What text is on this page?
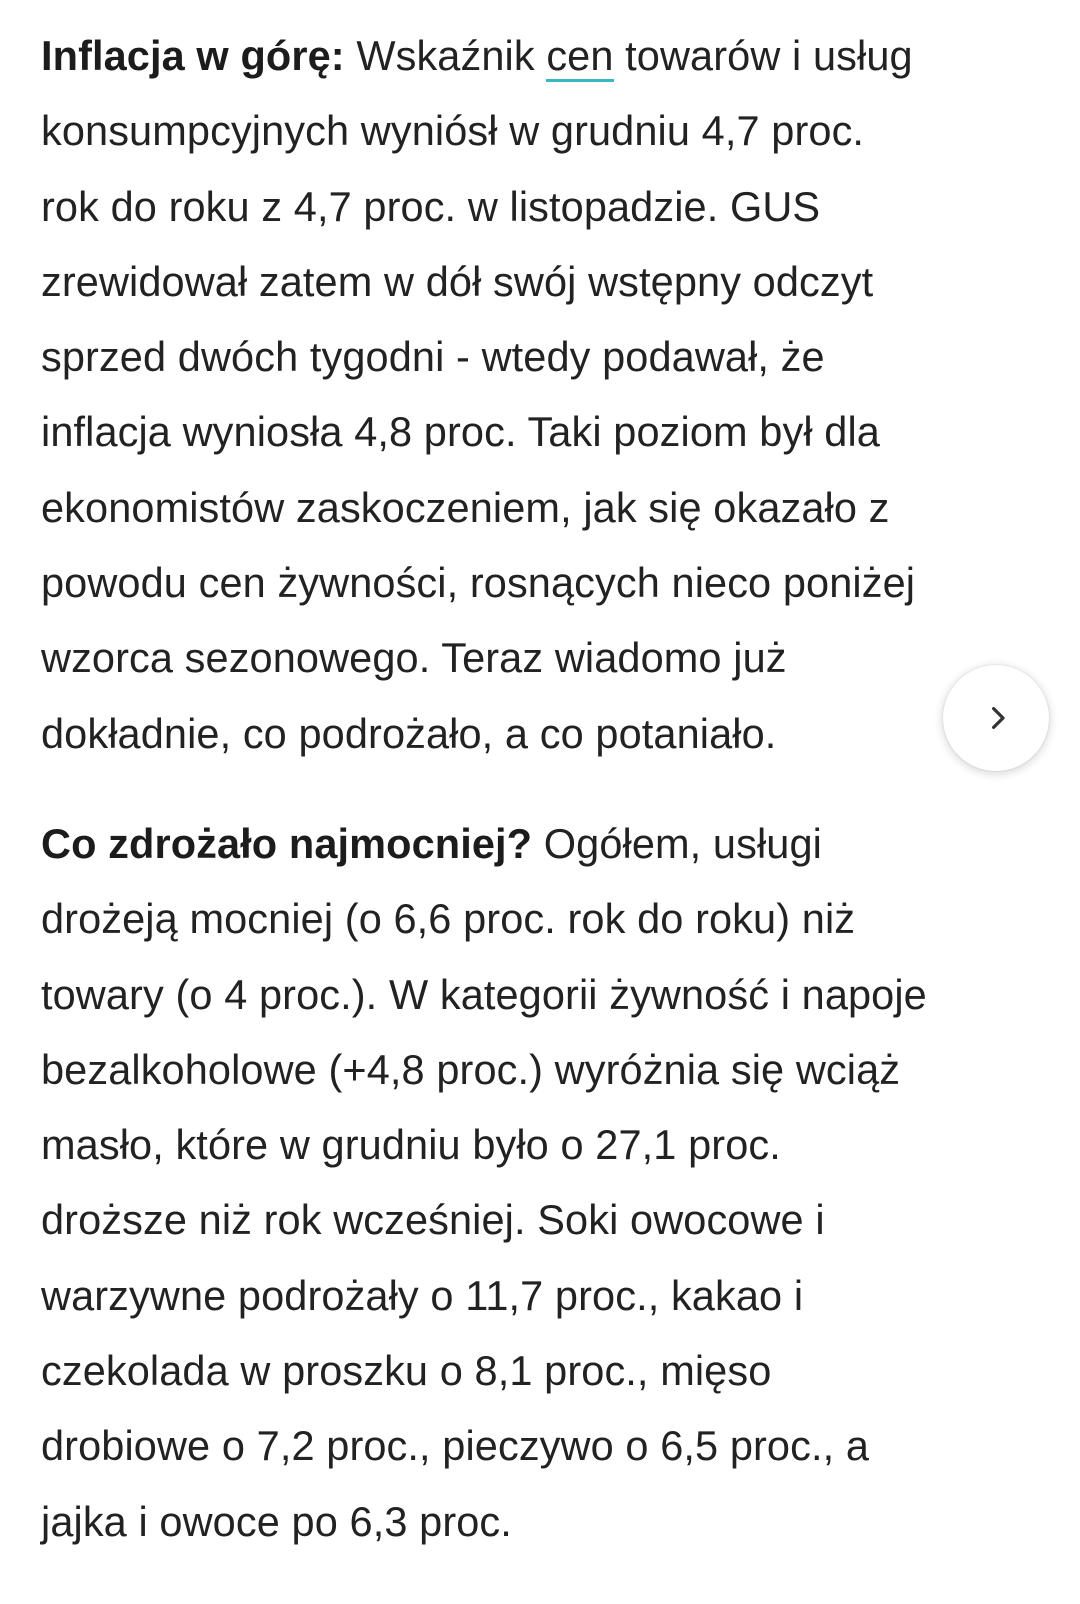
Inflacja w górę: Wskaźnik cen towarów i usług
konsumpcyjnych wyniósł w grudniu 4,7 proc.
rok do roku z 4,7 proc. w listopadzie. GUS
zrewidował zatem w dół swój wstępny odczyt
sprzed dwóch tygodni - wtedy podawał, że
inflacja wyniosła 4,8 proc. Taki poziom był dla
ekonomistów zaskoczeniem, jak się okazało z
powodu cen żywności, rosnących nieco poniżej
wzorca sezonowego. Teraz wiadomo już
dokładnie, co podrożało, a co potaniało.

Co zdrożało najmocniej? Ogółem, usługi
drożeją mocniej (o 6,6 proc. rok do roku) niż
towary (o 4 proc.). W kategorii żywność i napoje
bezalkoholowe (+4,8 proc.) wyróżnia się wciąż
masło, które w grudniu było o 27,1 proc.
droższe niż rok wcześniej. Soki owocowe i
warzywne podrożały o 11,7 proc., kakao i
czekolada w proszku o 8,1 proc., mięso
drobiowe o 7,2 proc., pieczywo o 6,5 proc., a
jajka i owoce po 6,3 proc.
